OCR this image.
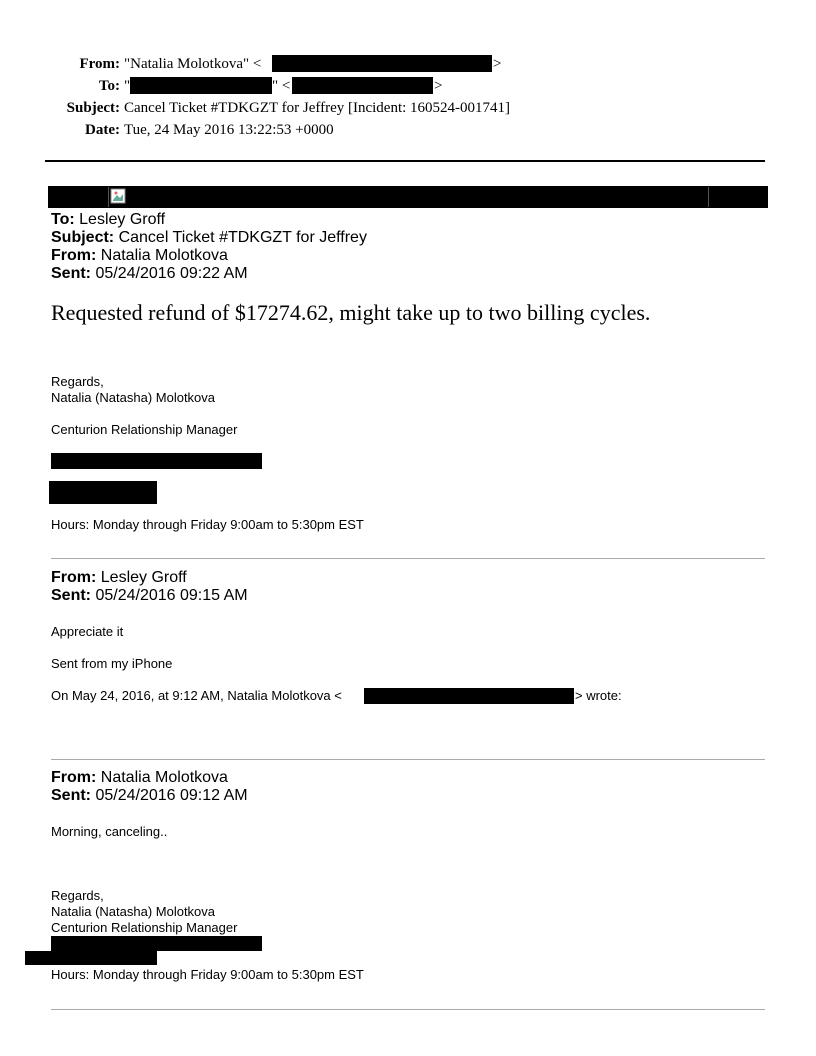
From: "Natalia Molotkova" <	>
To: "	" <	>
Subject: Cancel Ticket #TDKGZT for Jeffrey [Incident: 160524-001741]
Date: Tue, 24 May 2016 13:22:53 +0000
To: Lesley Groff
Subject: Cancel Ticket #TDKGZT for Jeffrey
From: Natalia Molotkova
Sent: 05/24/2016 09:22 AM
Requested refund of $17274.62, might take up to two billing cycles.
Regards,
Natalia (Natasha) Molotkova
Centurion Relationship Manager
Hours: Monday through Friday 9:00am to 5:30pm EST
From: Lesley Groff
Sent: 05/24/2016 09:15 AM
Appreciate it
Sent from my iPhone
On May 24, 2016, at 9:12 AM, Natalia Molotkova <	> wrote:
From: Natalia Molotkova
Sent: 05/24/2016 09:12 AM
Morning, canceling..
Regards,
Natalia (Natasha) Molotkova
Centurion Relationship Manager
Hours: Monday through Friday 9:00am to 5:30pm EST
